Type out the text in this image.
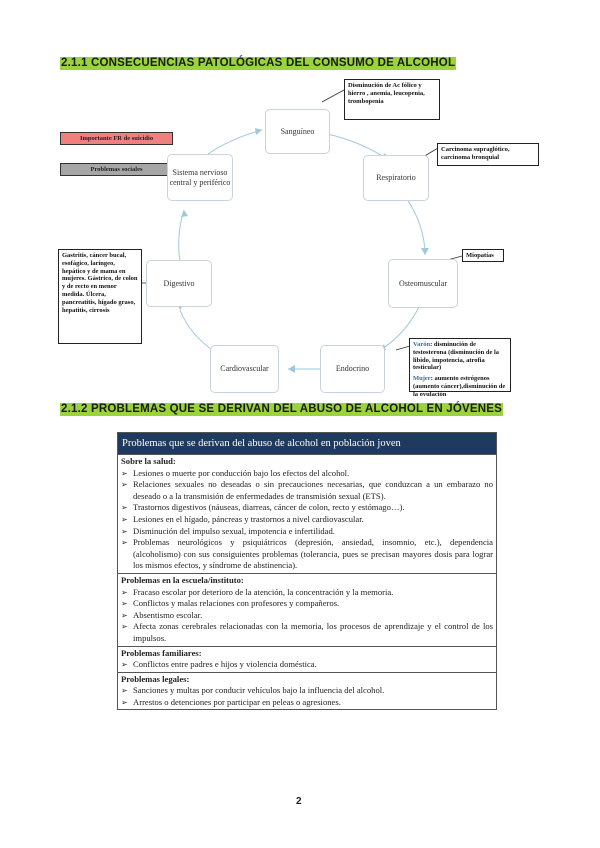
2.1.1 CONSECUENCIAS PATOLÓGICAS DEL CONSUMO DE ALCOHOL
Importante FR de suicidio
Problemas sociales
Sanguíneo
Respiratorio
Osteomuscular
Endocrino
Cardiovascular
Digestivo
Sistema nervioso central y periférico
Disminución de Ac fólico y hierro , anemia, leucopenia, trombopenia
Carcinoma supraglótico, carcinoma bronquial
Miopatías
Gastritis, cáncer bucal, esofágico, laríngeo, hepático y de mama en mujeres. Gástrico, de colon y de recto en menor medida. Úlcera, pancreatitis, hígado graso, hepatitis, cirrosis
Varón: disminución de testosterona (disminución de la libido, impotencia, atrofia testicular)
Mujer: aumento estrógenos (aumento cáncer),disminución de la ovulación
2.1.2 PROBLEMAS QUE SE DERIVAN DEL ABUSO DE ALCOHOL EN JÓVENES
Problemas que se derivan del abuso de alcohol en población joven
Sobre la salud:
➢ Lesiones o muerte por conducción bajo los efectos del alcohol.
➢ Relaciones sexuales no deseadas o sin precauciones necesarias, que conduzcan a un embarazo no deseado o a la transmisión de enfermedades de transmisión sexual (ETS).
➢ Trastornos digestivos (náuseas, diarreas, cáncer de colon, recto y estómago…).
➢ Lesiones en el hígado, páncreas y trastornos a nivel cardiovascular.
➢ Disminución del impulso sexual, impotencia e infertilidad.
➢ Problemas neurológicos y psiquiátricos (depresión, ansiedad, insomnio, etc.), dependencia (alcoholismo) con sus consiguientes problemas (tolerancia, pues se precisan mayores dosis para lograr los mismos efectos, y síndrome de abstinencia).
Problemas en la escuela/instituto:
➢ Fracaso escolar por deterioro de la atención, la concentración y la memoria.
➢ Conflictos y malas relaciones con profesores y compañeros.
➢ Absentismo escolar.
➢ Afecta zonas cerebrales relacionadas con la memoria, los procesos de aprendizaje y el control de los impulsos.
Problemas familiares:
➢ Conflictos entre padres e hijos y violencia doméstica.
Problemas legales:
➢ Sanciones y multas por conducir vehículos bajo la influencia del alcohol.
➢ Arrestos o detenciones por participar en peleas o agresiones.
2
